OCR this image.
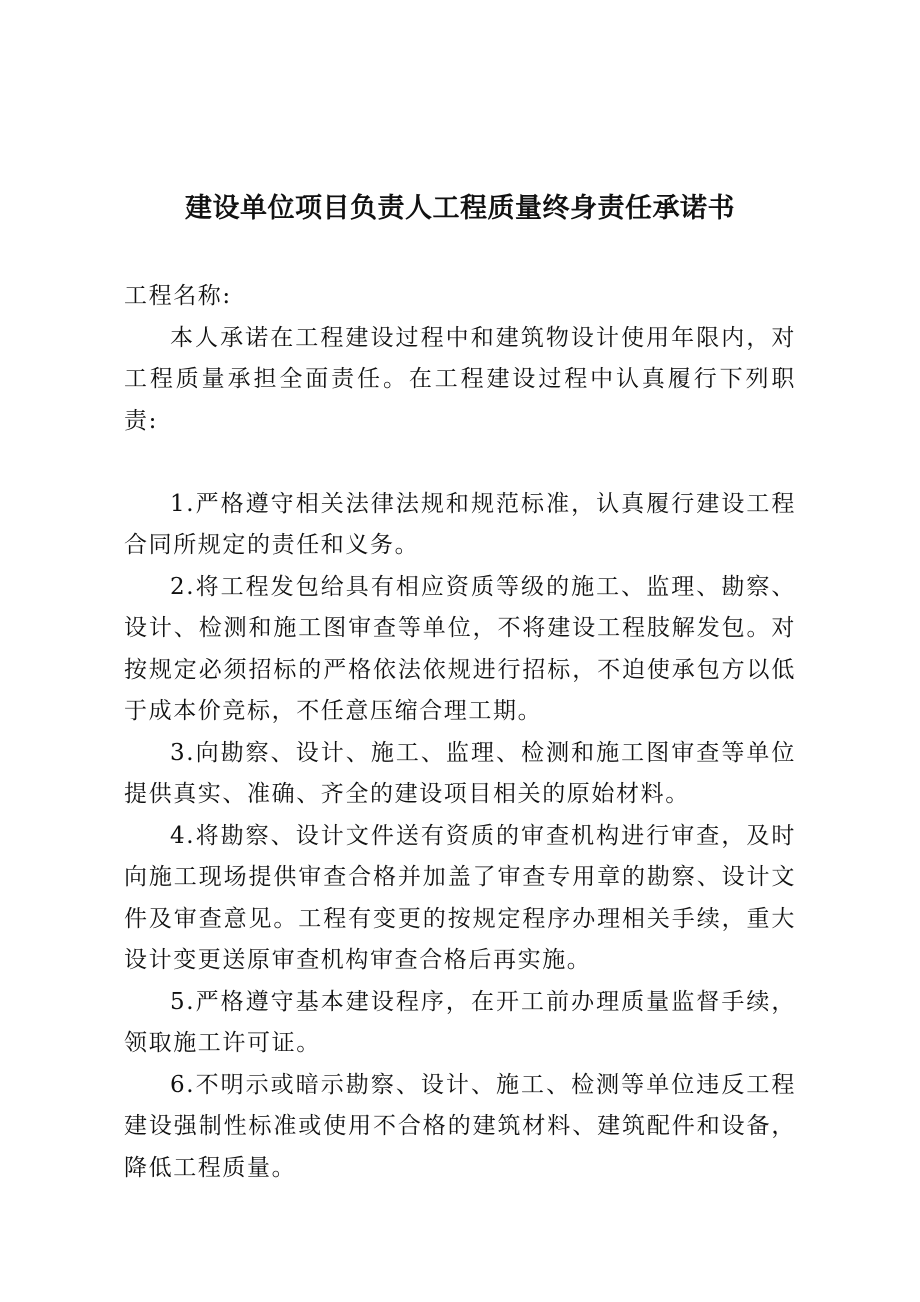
建设单位项目负责人工程质量终身责任承诺书

工程名称:

本人承诺在工程建设过程中和建筑物设计使用年限内，对工程质量承担全面责任。在工程建设过程中认真履行下列职责:

1.严格遵守相关法律法规和规范标准，认真履行建设工程合同所规定的责任和义务。

2.将工程发包给具有相应资质等级的施工、监理、勘察、设计、检测和施工图审查等单位，不将建设工程肢解发包。对按规定必须招标的严格依法依规进行招标，不迫使承包方以低于成本价竞标，不任意压缩合理工期。

3.向勘察、设计、施工、监理、检测和施工图审查等单位提供真实、准确、齐全的建设项目相关的原始材料。

4.将勘察、设计文件送有资质的审查机构进行审查，及时向施工现场提供审查合格并加盖了审查专用章的勘察、设计文件及审查意见。工程有变更的按规定程序办理相关手续，重大设计变更送原审查机构审查合格后再实施。

5.严格遵守基本建设程序，在开工前办理质量监督手续，领取施工许可证。

6.不明示或暗示勘察、设计、施工、检测等单位违反工程建设强制性标准或使用不合格的建筑材料、建筑配件和设备，降低工程质量。
